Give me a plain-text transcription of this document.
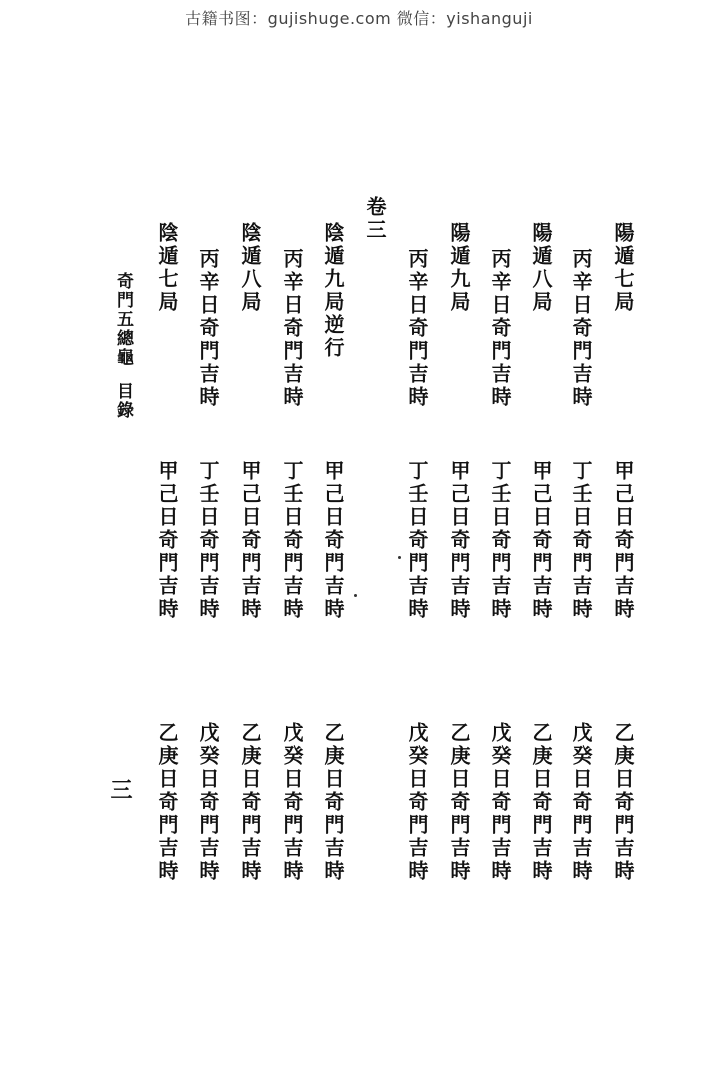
古籍书图：gujishuge.com 微信：yishanguji
陽遁七局
甲己日奇門吉時
乙庚日奇門吉時
丙辛日奇門吉時
丁壬日奇門吉時
戊癸日奇門吉時
陽遁八局
甲己日奇門吉時
乙庚日奇門吉時
丙辛日奇門吉時
丁壬日奇門吉時
戊癸日奇門吉時
陽遁九局
甲己日奇門吉時
乙庚日奇門吉時
丙辛日奇門吉時
丁壬日奇門吉時
戊癸日奇門吉時
卷三
陰遁九局逆行
甲己日奇門吉時
乙庚日奇門吉時
丙辛日奇門吉時
丁壬日奇門吉時
戊癸日奇門吉時
陰遁八局
甲己日奇門吉時
乙庚日奇門吉時
丙辛日奇門吉時
丁壬日奇門吉時
戊癸日奇門吉時
陰遁七局
甲己日奇門吉時
乙庚日奇門吉時
奇門五總龜
目錄
三
